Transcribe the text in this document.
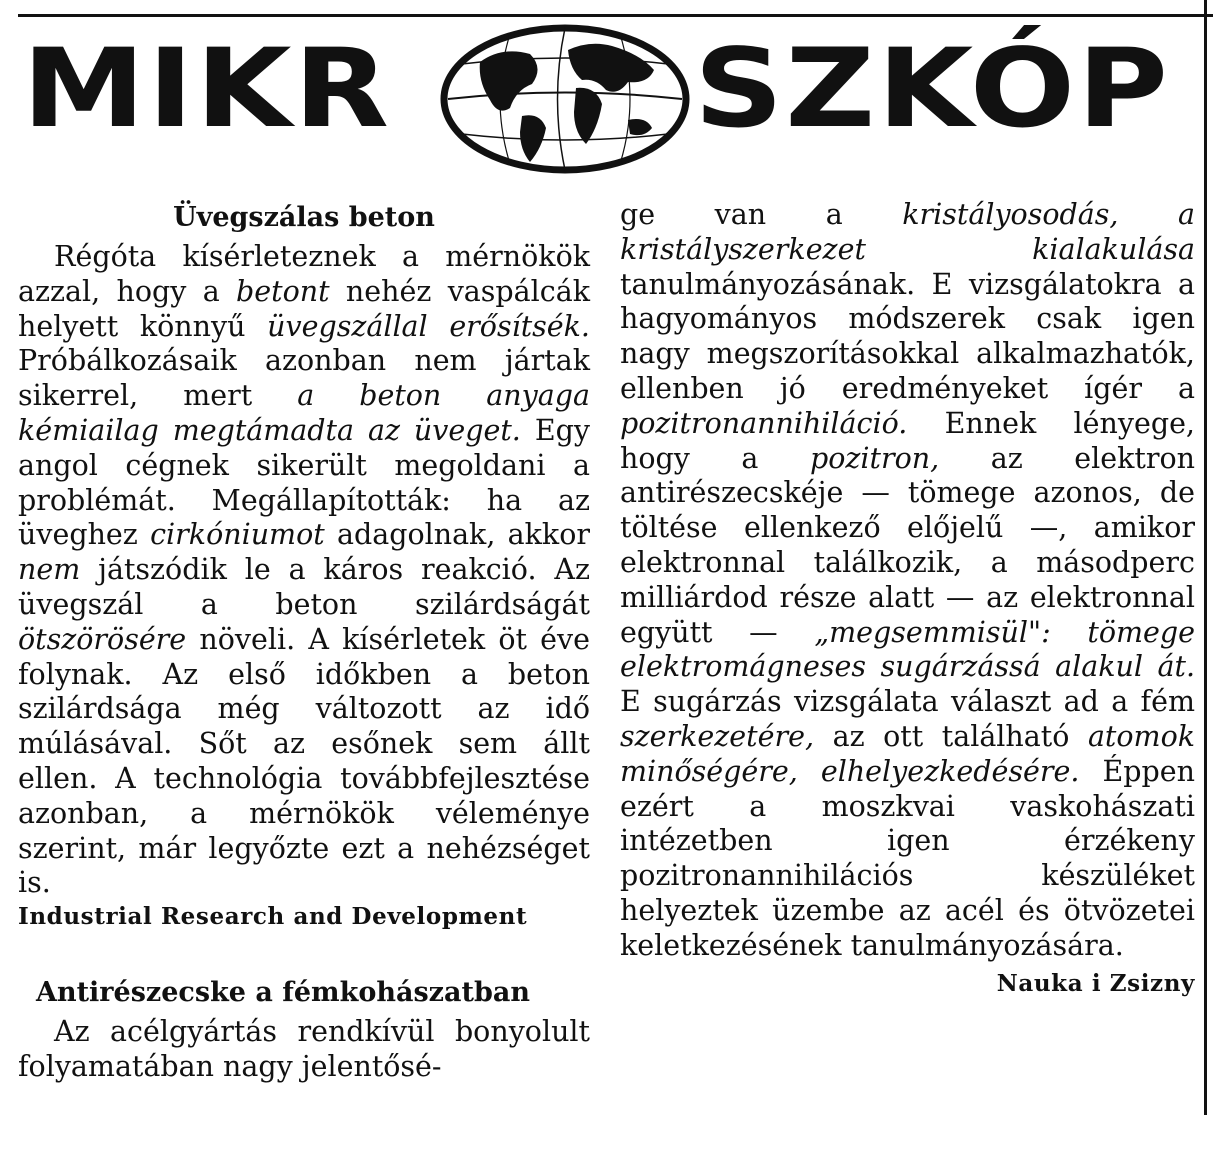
MIKR SZKÓP
Üvegszálas beton

Régóta kísérleteznek a mérnökök azzal, hogy a betont nehéz vaspálcák helyett könnyű üvegszállal erősítsék. Próbálkozásaik azonban nem jártak sikerrel, mert a beton anyaga kémiailag megtámadta az üveget. Egy angol cégnek sikerült megoldani a problémát. Megállapították: ha az üveghez cirkóniumot adagolnak, akkor nem játszódik le a káros reakció. Az üvegszál a beton szilárdságát ötszörösére növeli. A kísérletek öt éve folynak. Az első időkben a beton szilárdsága még változott az idő múlásával. Sőt az esőnek sem állt ellen. A technológia továbbfejlesztése azonban, a mérnökök véleménye szerint, már legyőzte ezt a nehézséget is.

Industrial Research and Development

Antirészecske a fémkohászatban

Az acélgyártás rendkívül bonyolult folyamatában nagy jelentősé-

ge van a kristályosodás, a kristályszerkezet kialakulása tanulmányozásának. E vizsgálatokra a hagyományos módszerek csak igen nagy megszorításokkal alkalmazhatók, ellenben jó eredményeket ígér a pozitronannihiláció. Ennek lényege, hogy a pozitron, az elektron antirészecskéje — tömege azonos, de töltése ellenkező előjelű —, amikor elektronnal találkozik, a másodperc milliárdod része alatt — az elektronnal együtt — „megsemmisül": tömege elektromágneses sugárzássá alakul át. E sugárzás vizsgálata választ ad a fém szerkezetére, az ott található atomok minőségére, elhelyezkedésére. Éppen ezért a moszkvai vaskohászati intézetben igen érzékeny pozitronannihilációs készüléket helyeztek üzembe az acél és ötvözetei keletkezésének tanulmányozására.

Nauka i Zsizny
